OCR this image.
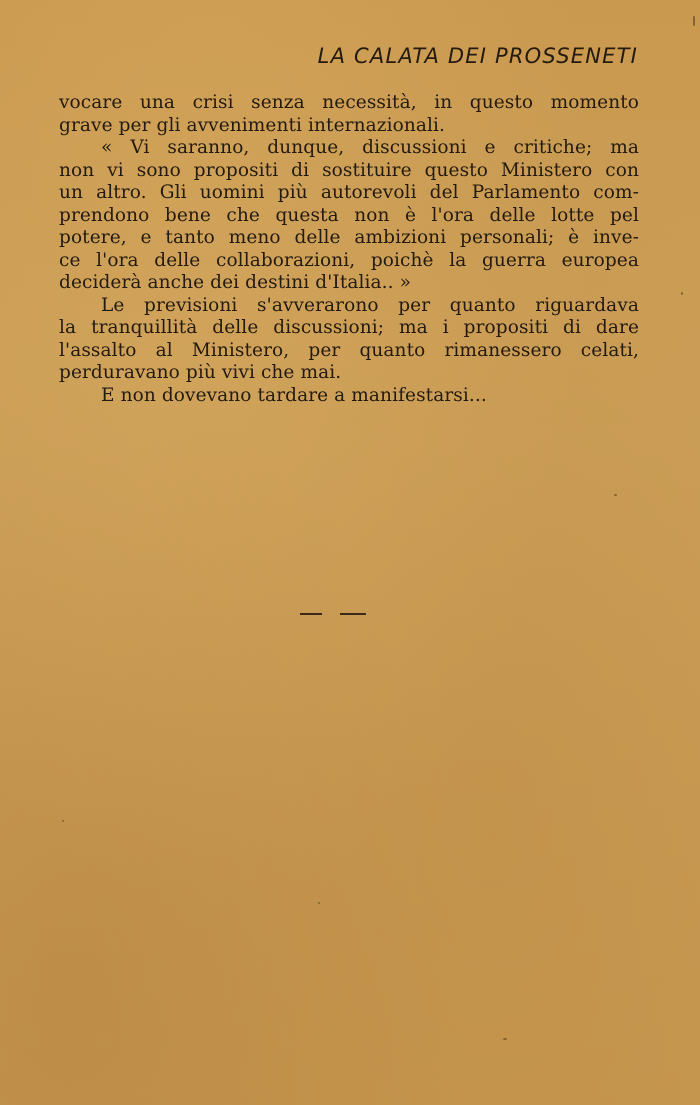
LA CALATA DEI PROSSENETI
vocare una crisi senza necessità, in questo momento
grave per gli avvenimenti internazionali.
« Vi saranno, dunque, discussioni e critiche; ma
non vi sono propositi di sostituire questo Ministero con
un altro. Gli uomini più autorevoli del Parlamento com-
prendono bene che questa non è l'ora delle lotte pel
potere, e tanto meno delle ambizioni personali; è inve-
ce l'ora delle collaborazioni, poichè la guerra europea
deciderà anche dei destini d'Italia.. »
Le previsioni s'avverarono per quanto riguardava
la tranquillità delle discussioni; ma i propositi di dare
l'assalto al Ministero, per quanto rimanessero celati,
perduravano più vivi che mai.
E non dovevano tardare a manifestarsi...
